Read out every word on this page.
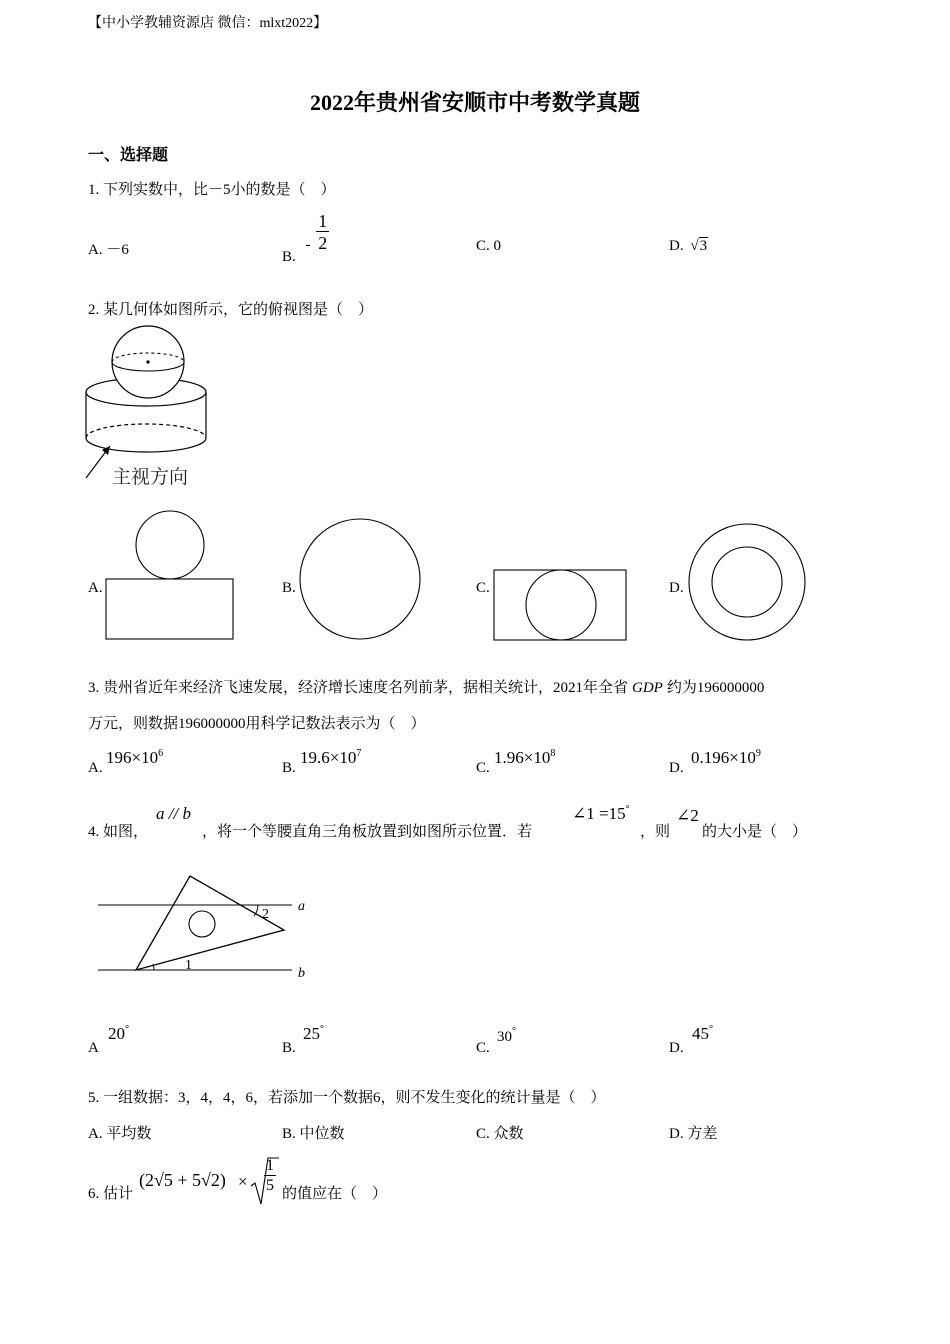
【中小学教辅资源店 微信：mlxt2022】
2022年贵州省安顺市中考数学真题
一、选择题
1. 下列实数中，比－5小的数是（　）
A. －6	B. - $\frac{1}{2}$	C. 0	D. √3
2. 某几何体如图所示，它的俯视图是（　）
主视方向
A.	B.	C.	D.
3. 贵州省近年来经济飞速发展，经济增长速度名列前茅，据相关统计，2021年全省 GDP 约为196000000
万元，则数据196000000用科学记数法表示为（　）
A.
$196\times 10^6$
B.
$19.6\times 10^7$
C.
$1.96\times 10^8$
D.
$0.196\times 10^9$
4. 如图，
a // b
，将一个等腰直角三角板放置到如图所示位置．若
∠1 =15°
，则
∠2
的大小是（　）
a
b
1
2
A
20°
B.
25°
C.
30°
D.
45°
5. 一组数据：3，4，4，6，若添加一个数据6，则不发生变化的统计量是（　）
A. 平均数	B. 中位数	C. 众数	D. 方差
6. 估计
$(2√5 + 5√2) \times \frac{1}{5}$ 的值应在（　）
